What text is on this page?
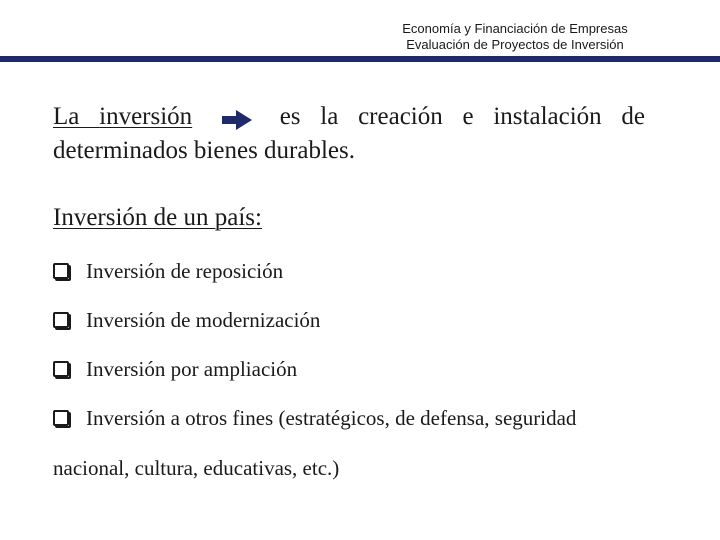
Economía y Financiación de Empresas
Evaluación de Proyectos de Inversión
La inversión	es la creación e instalación de determinados bienes durables.
Inversión de un país:
Inversión de reposición
Inversión de modernización
Inversión por ampliación
Inversión a otros fines (estratégicos, de defensa, seguridad
nacional, cultura, educativas, etc.)
